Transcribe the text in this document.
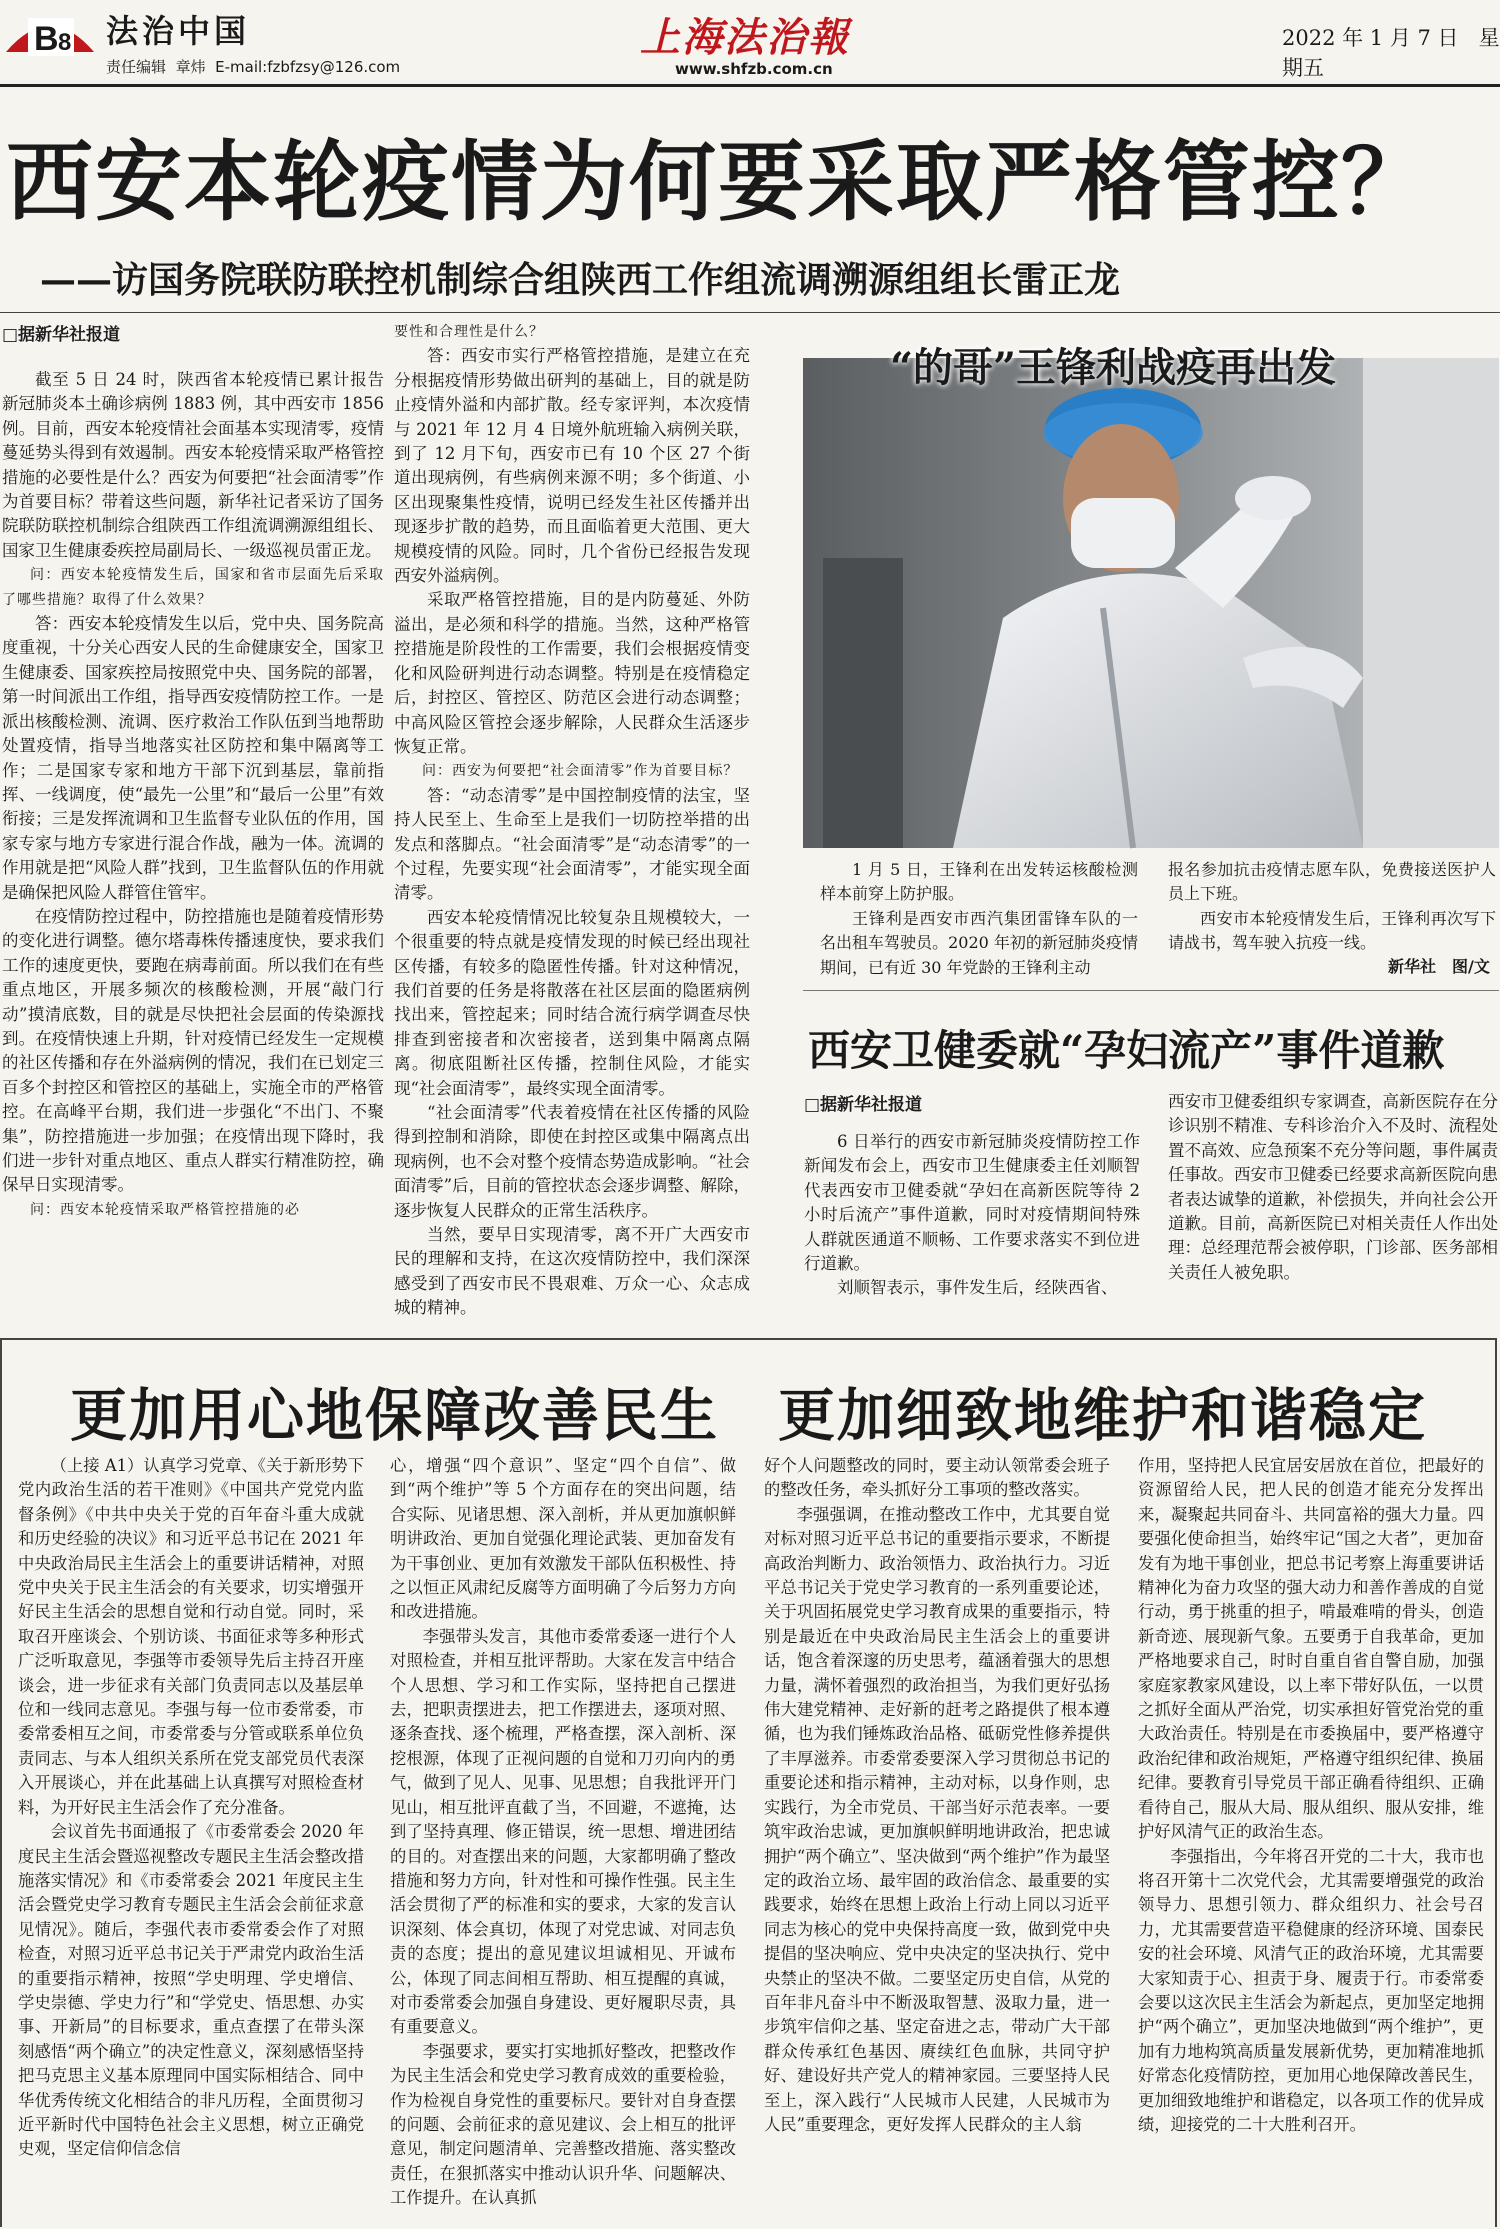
B 8 法治中国
责任编辑 章炜 E-mail:fzbfzsy@126.com
上海法治報
www.shfzb.com.cn
2022 年 1 月 7 日 星期五
西安本轮疫情为何要采取严格管控？
——访国务院联防联控机制综合组陕西工作组流调溯源组组长雷正龙
□据新华社报道

截至 5 日 24 时，陕西省本轮疫情已累计报告新冠肺炎本土确诊病例 1883 例，其中西安市 1856 例。目前，西安本轮疫情社会面基本实现清零，疫情蔓延势头得到有效遏制。西安本轮疫情采取严格管控措施的必要性是什么？西安为何要把“社会面清零”作为首要目标？带着这些问题，新华社记者采访了国务院联防联控机制综合组陕西工作组流调溯源组组长、国家卫生健康委疾控局副局长、一级巡视员雷正龙。

问：西安本轮疫情发生后，国家和省市层面先后采取了哪些措施？取得了什么效果？

答：西安本轮疫情发生以后，党中央、国务院高度重视，十分关心西安人民的生命健康安全，国家卫生健康委、国家疾控局按照党中央、国务院的部署，第一时间派出工作组，指导西安疫情防控工作。一是派出核酸检测、流调、医疗救治工作队伍到当地帮助处置疫情，指导当地落实社区防控和集中隔离等工作；二是国家专家和地方干部下沉到基层，靠前指挥、一线调度，使“最先一公里”和“最后一公里”有效衔接；三是发挥流调和卫生监督专业队伍的作用，国家专家与地方专家进行混合作战，融为一体。流调的作用就是把“风险人群”找到，卫生监督队伍的作用就是确保把风险人群管住管牢。

在疫情防控过程中，防控措施也是随着疫情形势的变化进行调整。德尔塔毒株传播速度快，要求我们工作的速度更快，要跑在病毒前面。所以我们在有些重点地区，开展多频次的核酸检测，开展“敲门行动”摸清底数，目的就是尽快把社会层面的传染源找到。在疫情快速上升期，针对疫情已经发生一定规模的社区传播和存在外溢病例的情况，我们在已划定三百多个封控区和管控区的基础上，实施全市的严格管控。在高峰平台期，我们进一步强化“不出门、不聚集”，防控措施进一步加强；在疫情出现下降时，我们进一步针对重点地区、重点人群实行精准防控，确保早日实现清零。

问：西安本轮疫情采取严格管控措施的必

要性和合理性是什么？

答：西安市实行严格管控措施，是建立在充分根据疫情形势做出研判的基础上，目的就是防止疫情外溢和内部扩散。经专家评判，本次疫情与 2021 年 12 月 4 日境外航班输入病例关联，到了 12 月下旬，西安市已有 10 个区 27 个街道出现病例，有些病例来源不明；多个街道、小区出现聚集性疫情，说明已经发生社区传播并出现逐步扩散的趋势，而且面临着更大范围、更大规模疫情的风险。同时，几个省份已经报告发现西安外溢病例。

采取严格管控措施，目的是内防蔓延、外防溢出，是必须和科学的措施。当然，这种严格管控措施是阶段性的工作需要，我们会根据疫情变化和风险研判进行动态调整。特别是在疫情稳定后，封控区、管控区、防范区会进行动态调整；中高风险区管控会逐步解除，人民群众生活逐步恢复正常。

问：西安为何要把“社会面清零”作为首要目标？

答：“动态清零”是中国控制疫情的法宝，坚持人民至上、生命至上是我们一切防控举措的出发点和落脚点。“社会面清零”是“动态清零”的一个过程，先要实现“社会面清零”，才能实现全面清零。

西安本轮疫情情况比较复杂且规模较大，一个很重要的特点就是疫情发现的时候已经出现社区传播，有较多的隐匿性传播。针对这种情况，我们首要的任务是将散落在社区层面的隐匿病例找出来，管控起来；同时结合流行病学调查尽快排查到密接者和次密接者，送到集中隔离点隔离。彻底阻断社区传播，控制住风险，才能实现“社会面清零”，最终实现全面清零。

“社会面清零”代表着疫情在社区传播的风险得到控制和消除，即使在封控区或集中隔离点出现病例，也不会对整个疫情态势造成影响。“社会面清零”后，目前的管控状态会逐步调整、解除，逐步恢复人民群众的正常生活秩序。

当然，要早日实现清零，离不开广大西安市民的理解和支持，在这次疫情防控中，我们深深感受到了西安市民不畏艰难、万众一心、众志成城的精神。

“的哥”王锋利战疫再出发

1 月 5 日，王锋利在出发转运核酸检测样本前穿上防护服。

王锋利是西安市西汽集团雷锋车队的一名出租车驾驶员。2020 年初的新冠肺炎疫情期间，已有近 30 年党龄的王锋利主动

报名参加抗击疫情志愿车队，免费接送医护人员上下班。

西安市本轮疫情发生后，王锋利再次写下请战书，驾车驶入抗疫一线。

新华社　图/文
西安卫健委就“孕妇流产”事件道歉
□据新华社报道

6 日举行的西安市新冠肺炎疫情防控工作新闻发布会上，西安市卫生健康委主任刘顺智代表西安市卫健委就“孕妇在高新医院等待 2 小时后流产”事件道歉，同时对疫情期间特殊人群就医通道不顺畅、工作要求落实不到位进行道歉。

刘顺智表示，事件发生后，经陕西省、

西安市卫健委组织专家调查，高新医院存在分诊识别不精准、专科诊治介入不及时、流程处置不高效、应急预案不充分等问题，事件属责任事故。西安市卫健委已经要求高新医院向患者表达诚挚的道歉，补偿损失，并向社会公开道歉。目前，高新医院已对相关责任人作出处理：总经理范帮会被停职，门诊部、医务部相关责任人被免职。

更加用心地保障改善民生　更加细致地维护和谐稳定

（上接 A1）认真学习党章、《关于新形势下党内政治生活的若干准则》《中国共产党党内监督条例》《中共中央关于党的百年奋斗重大成就和历史经验的决议》和习近平总书记在 2021 年中央政治局民主生活会上的重要讲话精神，对照党中央关于民主生活会的有关要求，切实增强开好民主生活会的思想自觉和行动自觉。同时，采取召开座谈会、个别访谈、书面征求等多种形式广泛听取意见，李强等市委领导先后主持召开座谈会，进一步征求有关部门负责同志以及基层单位和一线同志意见。李强与每一位市委常委，市委常委相互之间，市委常委与分管或联系单位负责同志、与本人组织关系所在党支部党员代表深入开展谈心，并在此基础上认真撰写对照检查材料，为开好民主生活会作了充分准备。

会议首先书面通报了《市委常委会 2020 年度民主生活会暨巡视整改专题民主生活会整改措施落实情况》和《市委常委会 2021 年度民主生活会暨党史学习教育专题民主生活会会前征求意见情况》。随后，李强代表市委常委会作了对照检查，对照习近平总书记关于严肃党内政治生活的重要指示精神，按照“学史明理、学史增信、学史崇德、学史力行”和“学党史、悟思想、办实事、开新局”的目标要求，重点查摆了在带头深刻感悟“两个确立”的决定性意义，深刻感悟坚持把马克思主义基本原理同中国实际相结合、同中华优秀传统文化相结合的非凡历程，全面贯彻习近平新时代中国特色社会主义思想，树立正确党史观，坚定信仰信念信

心，增强“四个意识”、坚定“四个自信”、做到“两个维护”等 5 个方面存在的突出问题，结合实际、见诸思想、深入剖析，并从更加旗帜鲜明讲政治、更加自觉强化理论武装、更加奋发有为干事创业、更加有效激发干部队伍积极性、持之以恒正风肃纪反腐等方面明确了今后努力方向和改进措施。

李强带头发言，其他市委常委逐一进行个人对照检查，并相互批评帮助。大家在发言中结合个人思想、学习和工作实际，坚持把自己摆进去，把职责摆进去，把工作摆进去，逐项对照、逐条查找、逐个梳理，严格查摆，深入剖析、深挖根源，体现了正视问题的自觉和刀刃向内的勇气，做到了见人、见事、见思想；自我批评开门见山，相互批评直截了当，不回避，不遮掩，达到了坚持真理、修正错误，统一思想、增进团结的目的。对查摆出来的问题，大家都明确了整改措施和努力方向，针对性和可操作性强。民主生活会贯彻了严的标准和实的要求，大家的发言认识深刻、体会真切，体现了对党忠诚、对同志负责的态度；提出的意见建议坦诚相见、开诚布公，体现了同志间相互帮助、相互提醒的真诚，对市委常委会加强自身建设、更好履职尽责，具有重要意义。

李强要求，要实打实地抓好整改，把整改作为民主生活会和党史学习教育成效的重要检验，作为检视自身党性的重要标尺。要针对自身查摆的问题、会前征求的意见建议、会上相互的批评意见，制定问题清单、完善整改措施、落实整改责任，在狠抓落实中推动认识升华、问题解决、工作提升。在认真抓

好个人问题整改的同时，要主动认领常委会班子的整改任务，牵头抓好分工事项的整改落实。

李强强调，在推动整改工作中，尤其要自觉对标对照习近平总书记的重要指示要求，不断提高政治判断力、政治领悟力、政治执行力。习近平总书记关于党史学习教育的一系列重要论述，关于巩固拓展党史学习教育成果的重要指示，特别是最近在中央政治局民主生活会上的重要讲话，饱含着深邃的历史思考，蕴涵着强大的思想力量，满怀着强烈的政治担当，为我们更好弘扬伟大建党精神、走好新的赶考之路提供了根本遵循，也为我们锤炼政治品格、砥砺党性修养提供了丰厚滋养。市委常委要深入学习贯彻总书记的重要论述和指示精神，主动对标，以身作则，忠实践行，为全市党员、干部当好示范表率。一要筑牢政治忠诚，更加旗帜鲜明地讲政治，把忠诚拥护“两个确立”、坚决做到“两个维护”作为最坚定的政治立场、最牢固的政治信念、最重要的实践要求，始终在思想上政治上行动上同以习近平同志为核心的党中央保持高度一致，做到党中央提倡的坚决响应、党中央决定的坚决执行、党中央禁止的坚决不做。二要坚定历史自信，从党的百年非凡奋斗中不断汲取智慧、汲取力量，进一步筑牢信仰之基、坚定奋进之志，带动广大干部群众传承红色基因、赓续红色血脉，共同守护好、建设好共产党人的精神家园。三要坚持人民至上，深入践行“人民城市人民建，人民城市为人民”重要理念，更好发挥人民群众的主人翁

作用，坚持把人民宜居安居放在首位，把最好的资源留给人民，把人民的创造才能充分发挥出来，凝聚起共同奋斗、共同富裕的强大力量。四要强化使命担当，始终牢记“国之大者”，更加奋发有为地干事创业，把总书记考察上海重要讲话精神化为奋力攻坚的强大动力和善作善成的自觉行动，勇于挑重的担子，啃最难啃的骨头，创造新奇迹、展现新气象。五要勇于自我革命，更加严格地要求自己，时时自重自省自警自励，加强家庭家教家风建设，以上率下带好队伍，一以贯之抓好全面从严治党，切实承担好管党治党的重大政治责任。特别是在市委换届中，要严格遵守政治纪律和政治规矩，严格遵守组织纪律、换届纪律。要教育引导党员干部正确看待组织、正确看待自己，服从大局、服从组织、服从安排，维护好风清气正的政治生态。

李强指出，今年将召开党的二十大，我市也将召开第十二次党代会，尤其需要增强党的政治领导力、思想引领力、群众组织力、社会号召力，尤其需要营造平稳健康的经济环境、国泰民安的社会环境、风清气正的政治环境，尤其需要大家知责于心、担责于身、履责于行。市委常委会要以这次民主生活会为新起点，更加坚定地拥护“两个确立”，更加坚决地做到“两个维护”，更加有力地构筑高质量发展新优势，更加精准地抓好常态化疫情防控，更加用心地保障改善民生，更加细致地维护和谐稳定，以各项工作的优异成绩，迎接党的二十大胜利召开。
